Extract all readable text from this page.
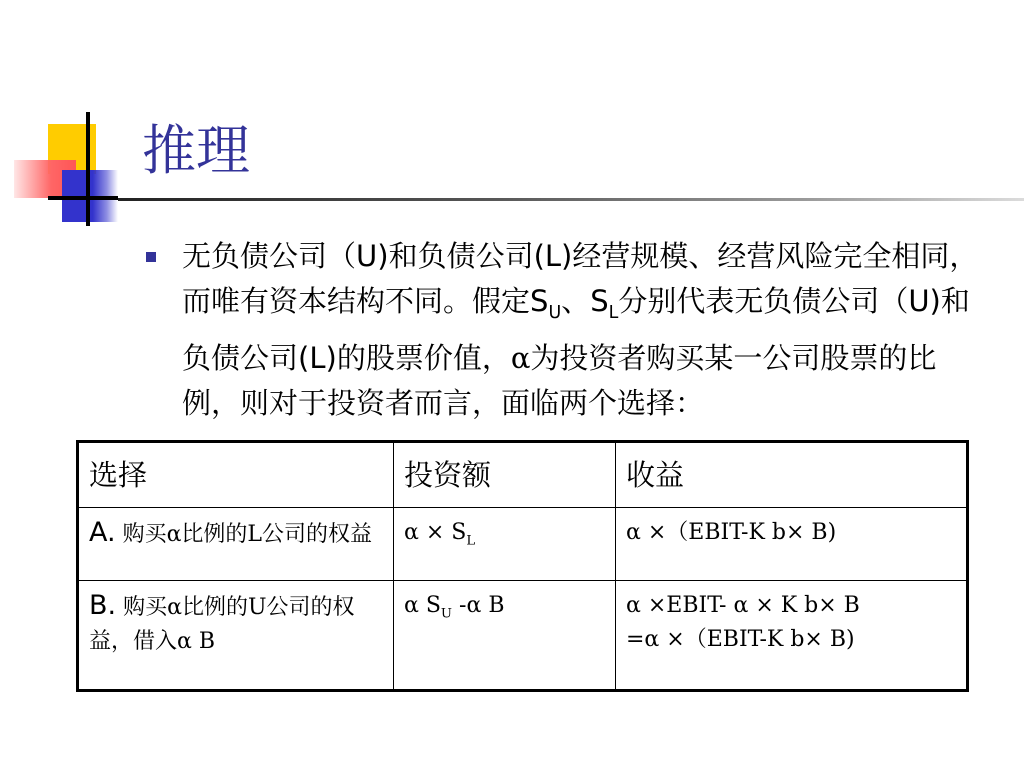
推理
无负债公司（U)和负债公司(L)经营规模、经营风险完全相同，而唯有资本结构不同。假定$S_U$、$S_L$分别代表无负债公司（U)和负债公司(L)的股票价值，α为投资者购买某一公司股票的比例，则对于投资者而言，面临两个选择：
选择	投资额	收益
A. 购买α比例的L公司的权益	$\alpha \times S_L$	α ×（EBIT-K b× B)
B. 购买α比例的U公司的权益，借入α B	α $S_U$ -α B	α ×EBIT- α × K b× B
=α ×（EBIT-K b× B)
